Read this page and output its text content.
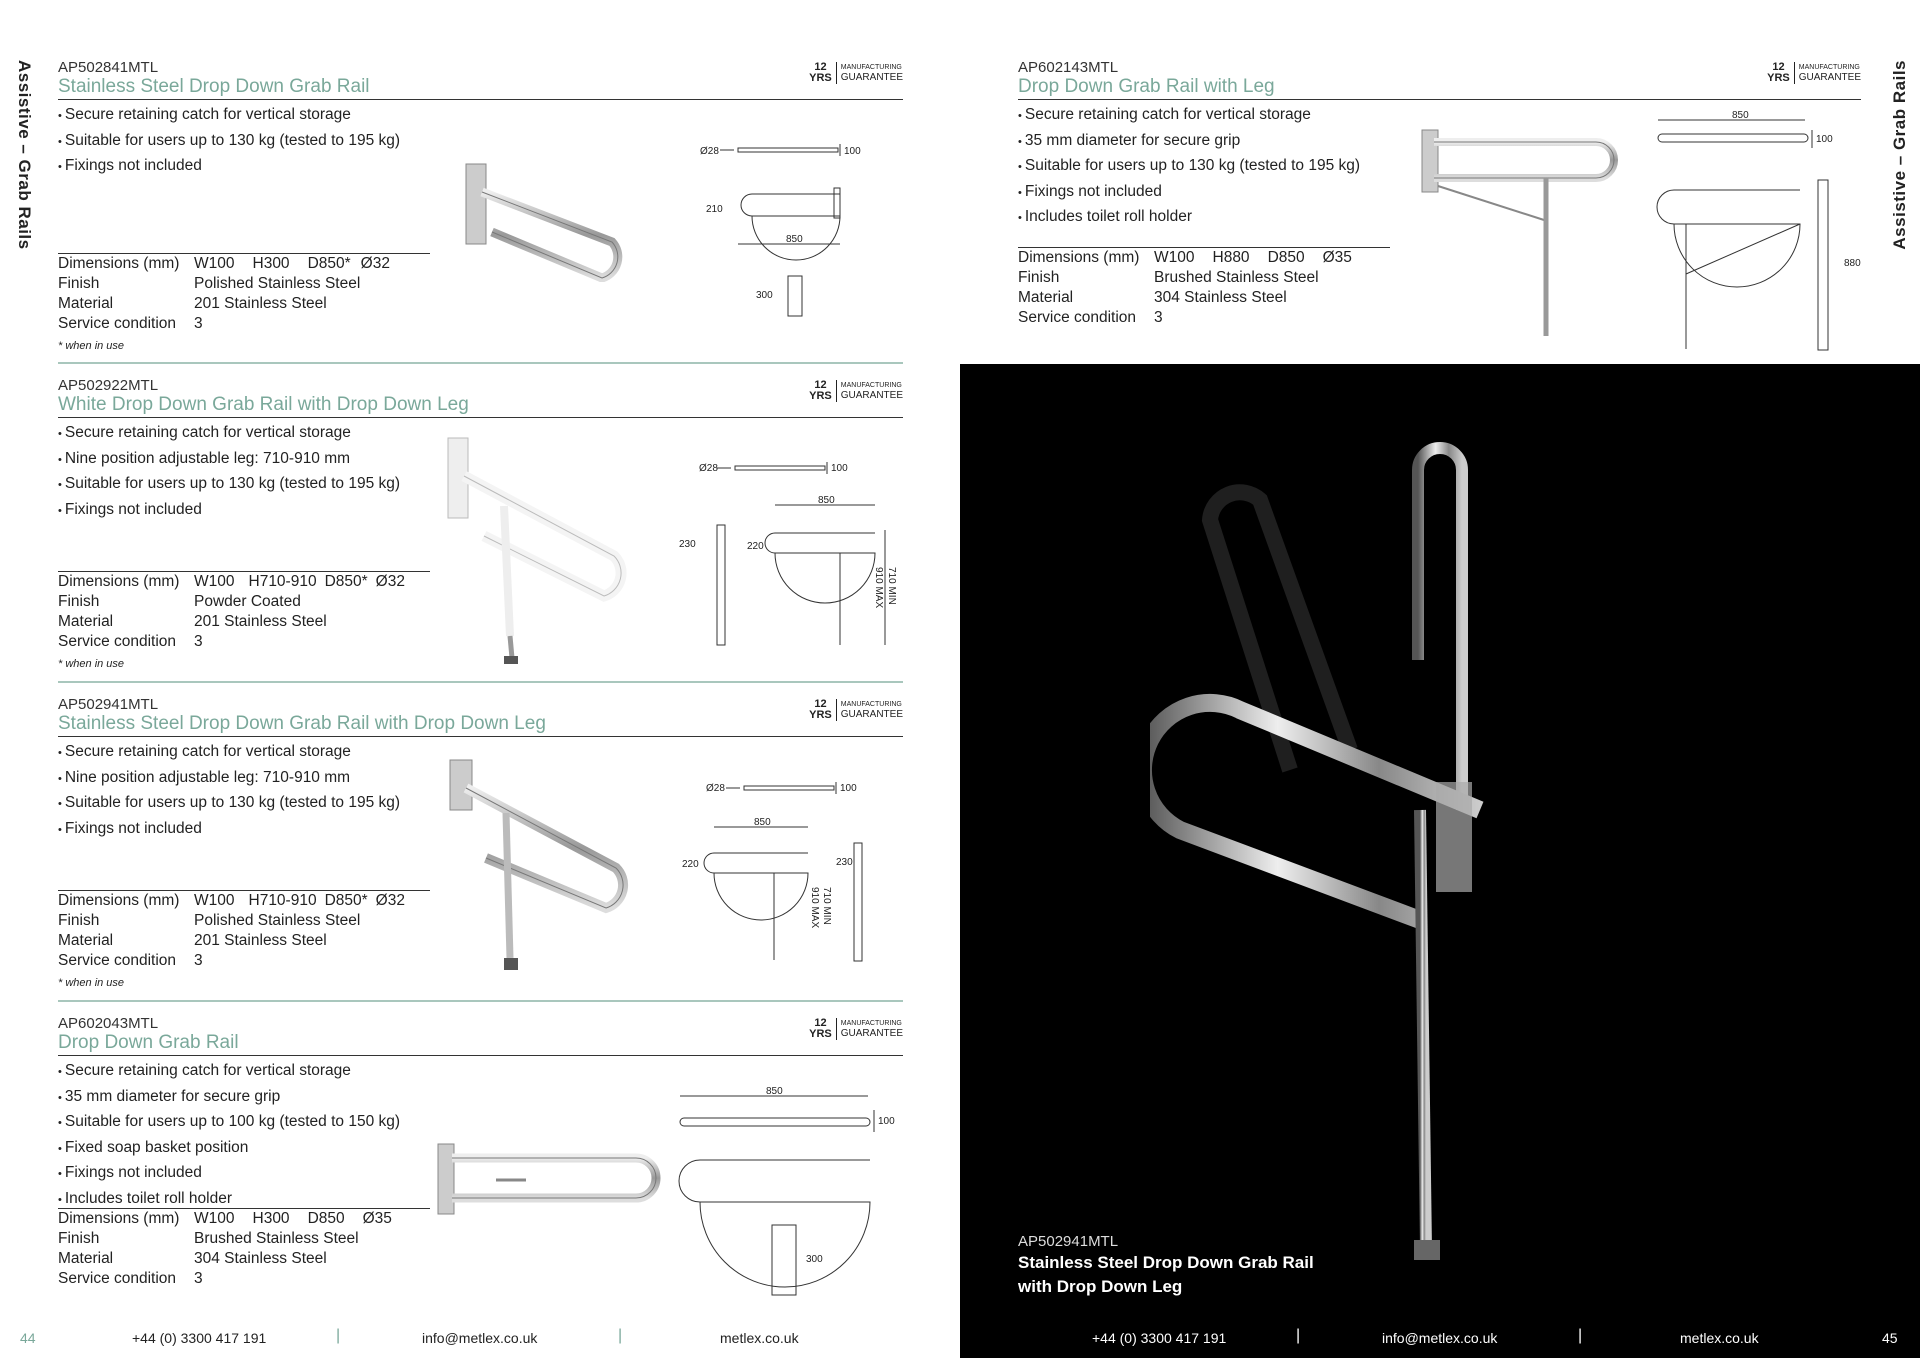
Assistive – Grab Rails	Assistive – Grab Rails
AP502841MTL
Stainless Steel Drop Down Grab Rail
12
YRS
MANUFACTURING
GUARANTEE
• Secure retaining catch for vertical storage
• Suitable for users up to 130 kg (tested to 195 kg)
• Fixings not included
Dimensions (mm) W100 H300 D850* Ø32
Finish	Polished Stainless Steel
Material	201 Stainless Steel
Service condition	3
* when in use
Ø28	100
210
850
300
AP502922MTL
White Drop Down Grab Rail with Drop Down Leg
12
YRS
MANUFACTURING
GUARANTEE
• Secure retaining catch for vertical storage
• Nine position adjustable leg: 710-910 mm
• Suitable for users up to 130 kg (tested to 195 kg)
• Fixings not included
Dimensions (mm) W100 H710-910 D850* Ø32
Finish	Powder Coated
Material	201 Stainless Steel
Service condition	3
* when in use
Ø28	100
850
230	220
710 MIN
910 MAX
AP502941MTL
Stainless Steel Drop Down Grab Rail with Drop Down Leg
12
YRS
MANUFACTURING
GUARANTEE
• Secure retaining catch for vertical storage
• Nine position adjustable leg: 710-910 mm
• Suitable for users up to 130 kg (tested to 195 kg)
• Fixings not included
Dimensions (mm) W100 H710-910 D850* Ø32
Finish	Polished Stainless Steel
Material	201 Stainless Steel
Service condition	3
* when in use
Ø28	100
850
220	230
710 MIN
910 MAX
AP602043MTL
Drop Down Grab Rail
12
YRS
MANUFACTURING
GUARANTEE
• Secure retaining catch for vertical storage
• 35 mm diameter for secure grip
• Suitable for users up to 100 kg (tested to 150 kg)
• Fixed soap basket position
• Fixings not included
• Includes toilet roll holder
Dimensions (mm) W100 H300 D850 Ø35
Finish	Brushed Stainless Steel
Material	304 Stainless Steel
Service condition	3
850
100
300
AP602143MTL
Drop Down Grab Rail with Leg
12
YRS
MANUFACTURING
GUARANTEE
• Secure retaining catch for vertical storage
• 35 mm diameter for secure grip
• Suitable for users up to 130 kg (tested to 195 kg)
• Fixings not included
• Includes toilet roll holder
Dimensions (mm) W100 H880 D850 Ø35
Finish	Brushed Stainless Steel
Material	304 Stainless Steel
Service condition	3
850
100
880
AP502941MTL
Stainless Steel Drop Down Grab Rail
with Drop Down Leg
44	+44 (0) 3300 417 191	|	info@metlex.co.uk	|	metlex.co.uk	+44 (0) 3300 417 191	|	info@metlex.co.uk	|	metlex.co.uk	45
